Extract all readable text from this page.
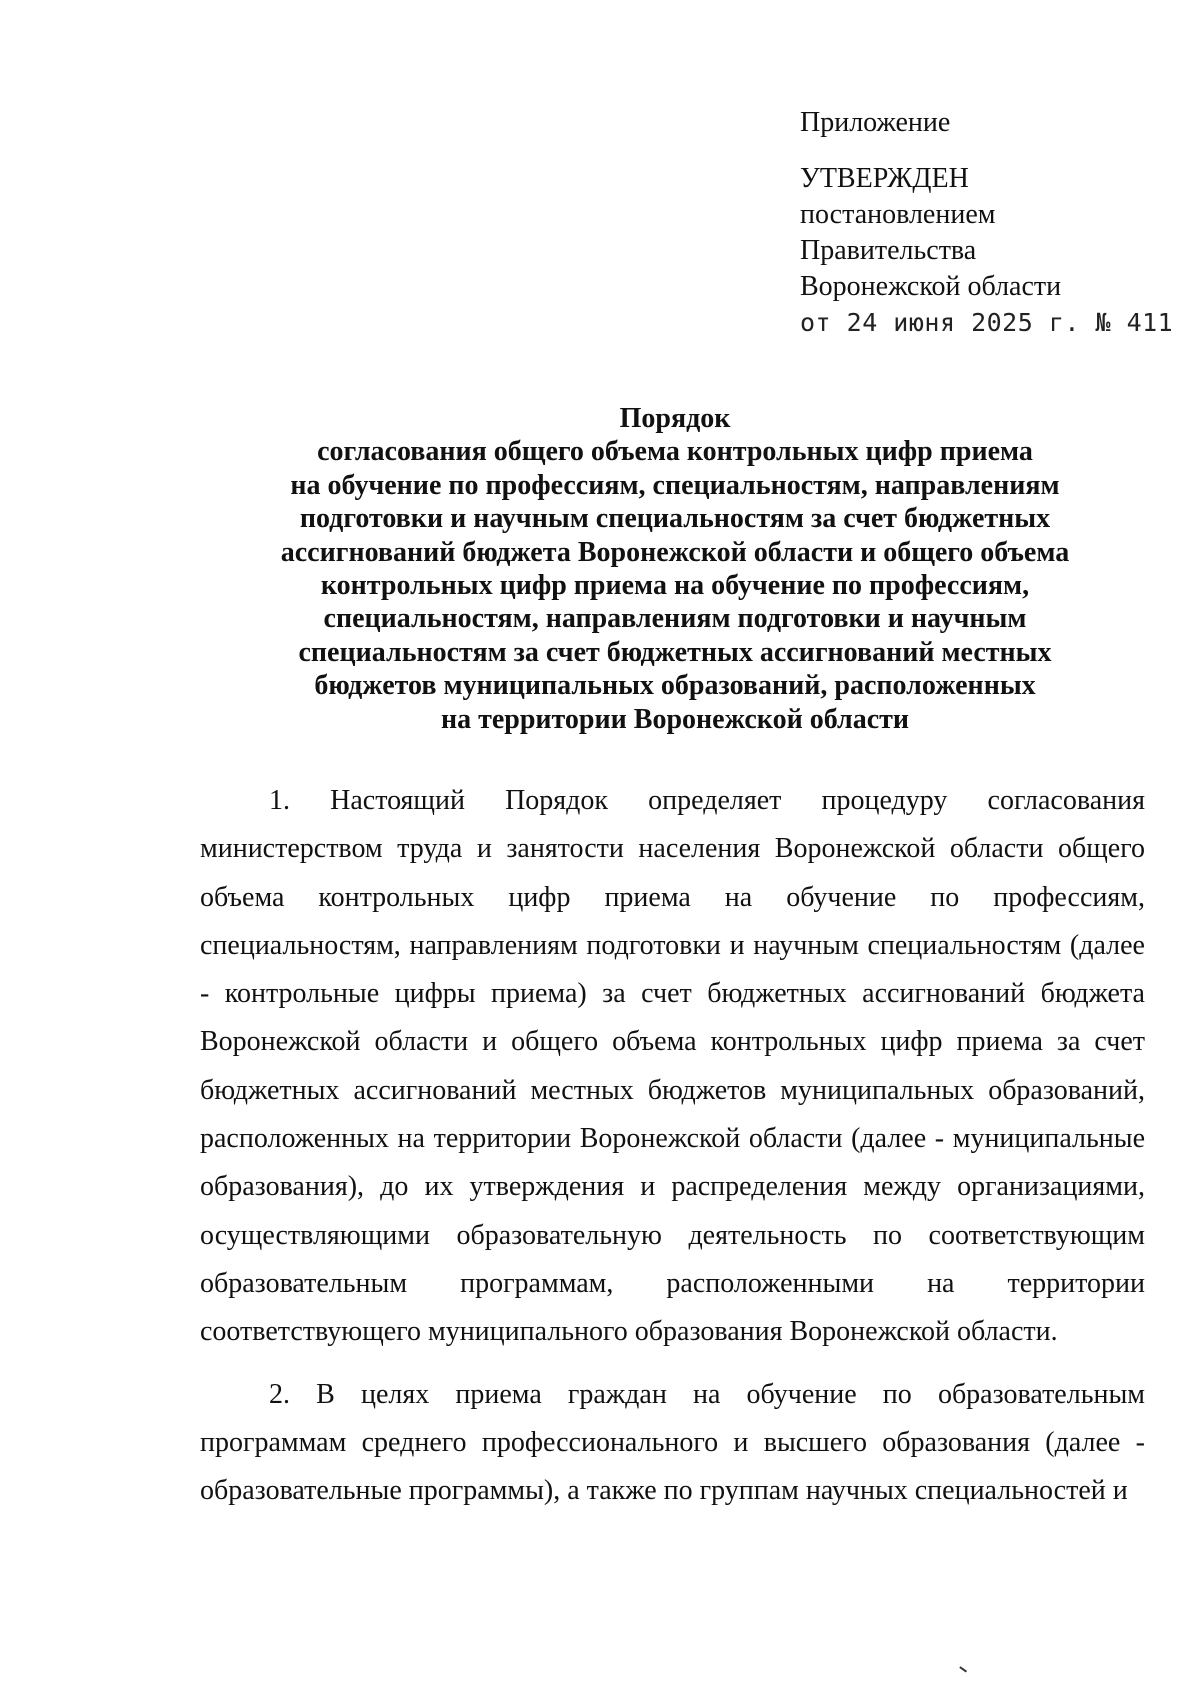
Приложение
УТВЕРЖДЕН
постановлением
Правительства
Воронежской области
от 24 июня 2025 г. № 411
Порядок
согласования общего объема контрольных цифр приема
на обучение по профессиям, специальностям, направлениям
подготовки и научным специальностям за счет бюджетных
ассигнований бюджета Воронежской области и общего объема
контрольных цифр приема на обучение по профессиям,
специальностям, направлениям подготовки и научным
специальностям за счет бюджетных ассигнований местных
бюджетов муниципальных образований, расположенных
на территории Воронежской области

1. Настоящий Порядок определяет процедуру согласования министерством труда и занятости населения Воронежской области общего объема контрольных цифр приема на обучение по профессиям, специальностям, направлениям подготовки и научным специальностям (далее - контрольные цифры приема) за счет бюджетных ассигнований бюджета Воронежской области и общего объема контрольных цифр приема за счет бюджетных ассигнований местных бюджетов муниципальных образований, расположенных на территории Воронежской области (далее - муниципальные образования), до их утверждения и распределения между организациями, осуществляющими образовательную деятельность по соответствующим образовательным программам, расположенными на территории соответствующего муниципального образования Воронежской области.

2. В целях приема граждан на обучение по образовательным программам среднего профессионального и высшего образования (далее - образовательные программы), а также по группам научных специальностей и
